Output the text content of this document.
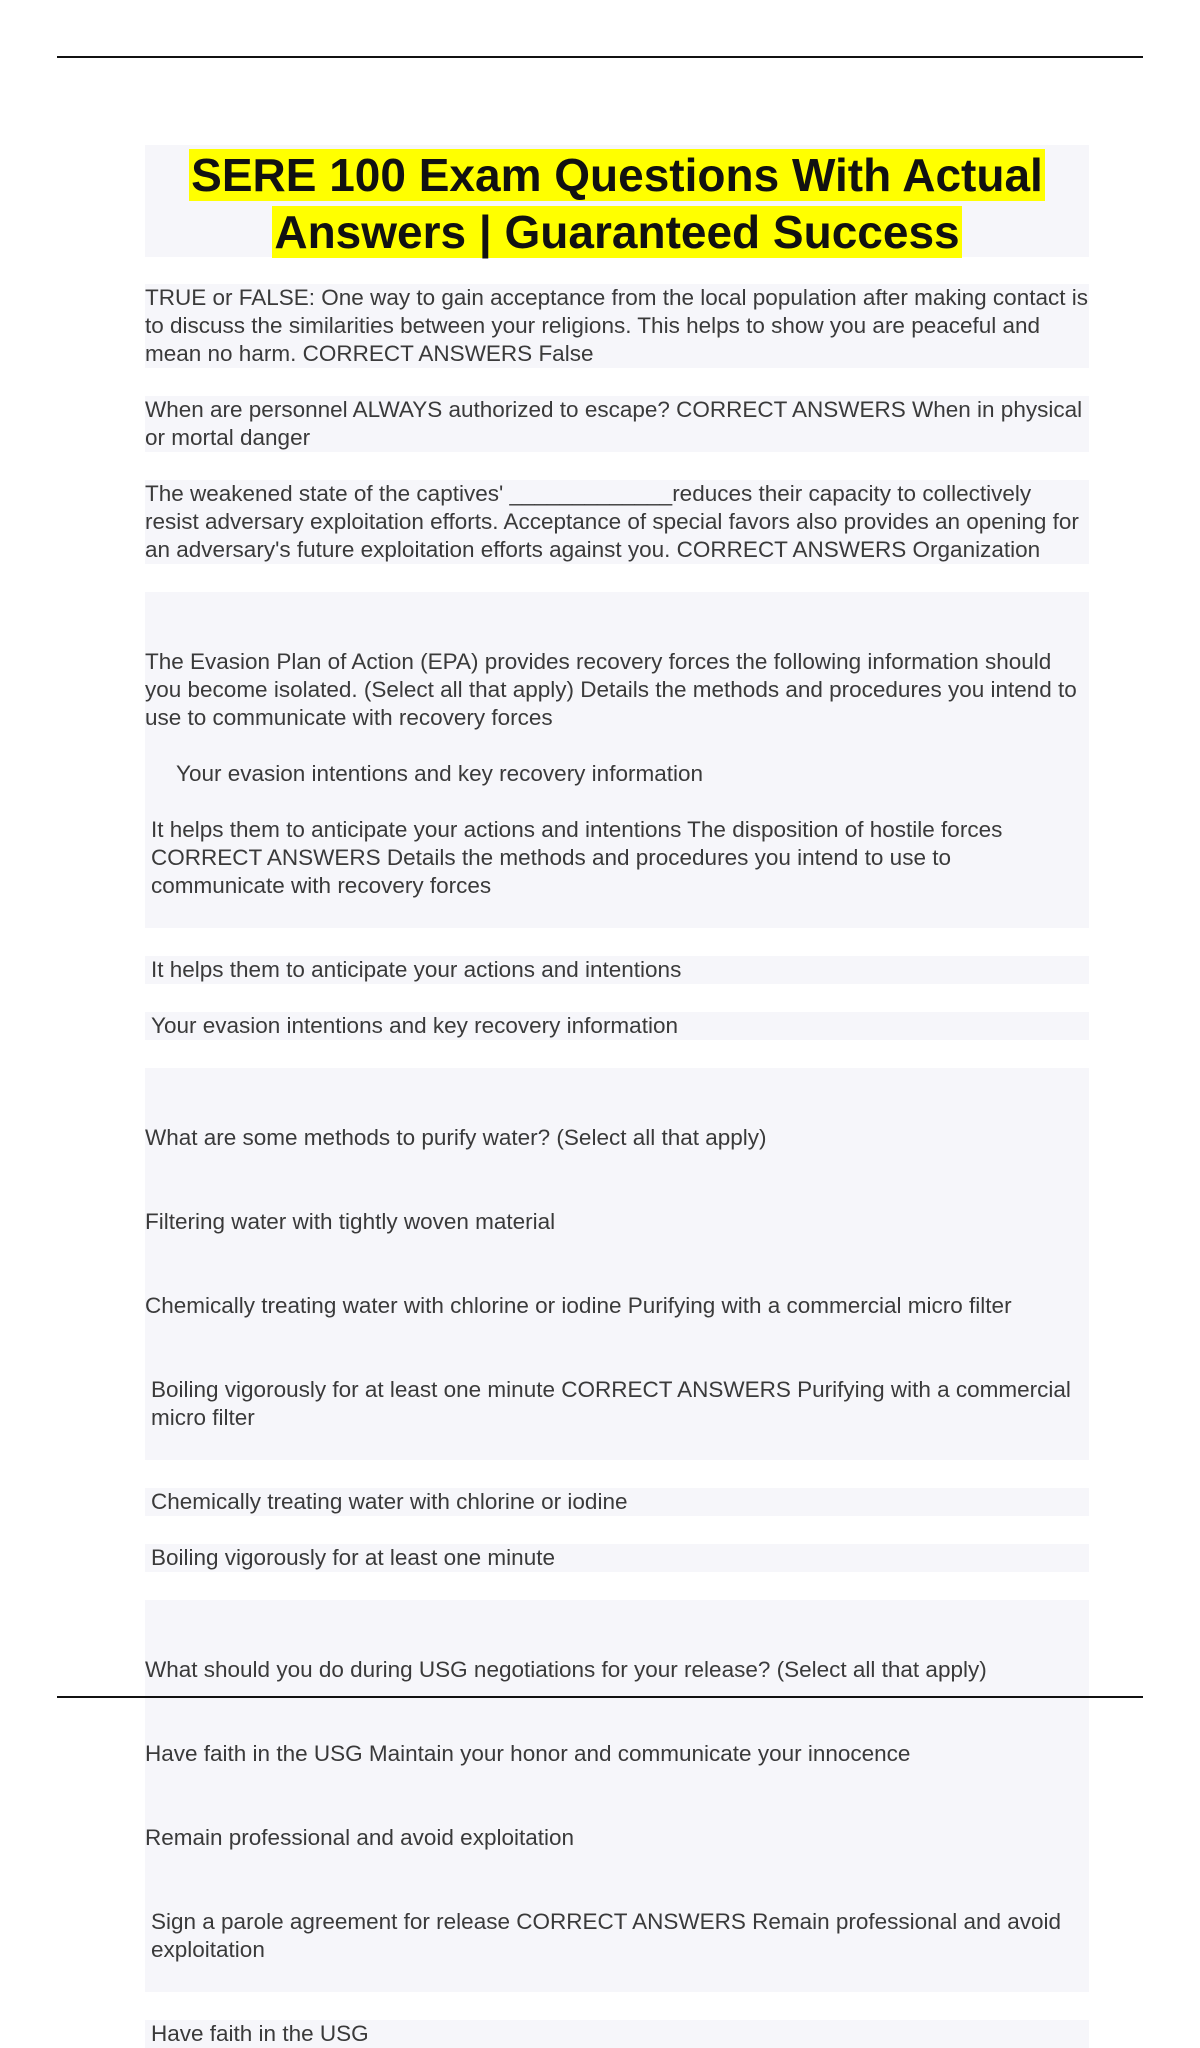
SERE 100 Exam Questions With Actual
Answers | Guaranteed Success

TRUE or FALSE: One way to gain acceptance from the local population after making contact is to discuss the similarities between your religions. This helps to show you are peaceful and mean no harm. CORRECT ANSWERS False

When are personnel ALWAYS authorized to escape? CORRECT ANSWERS When in physical or mortal danger

The weakened state of the captives' _____________reduces their capacity to collectively resist adversary exploitation efforts. Acceptance of special favors also provides an opening for an adversary's future exploitation efforts against you. CORRECT ANSWERS Organization

The Evasion Plan of Action (EPA) provides recovery forces the following information should you become isolated. (Select all that apply) Details the methods and procedures you intend to use to communicate with recovery forces

Your evasion intentions and key recovery information
It helps them to anticipate your actions and intentions The disposition of hostile forces CORRECT ANSWERS Details the methods and procedures you intend to use to communicate with recovery forces

It helps them to anticipate your actions and intentions

Your evasion intentions and key recovery information

What are some methods to purify water? (Select all that apply)

Filtering water with tightly woven material

Chemically treating water with chlorine or iodine Purifying with a commercial micro filter

Boiling vigorously for at least one minute CORRECT ANSWERS Purifying with a commercial micro filter

Chemically treating water with chlorine or iodine

Boiling vigorously for at least one minute

What should you do during USG negotiations for your release? (Select all that apply)

Have faith in the USG Maintain your honor and communicate your innocence

Remain professional and avoid exploitation

Sign a parole agreement for release CORRECT ANSWERS Remain professional and avoid exploitation

Have faith in the USG
